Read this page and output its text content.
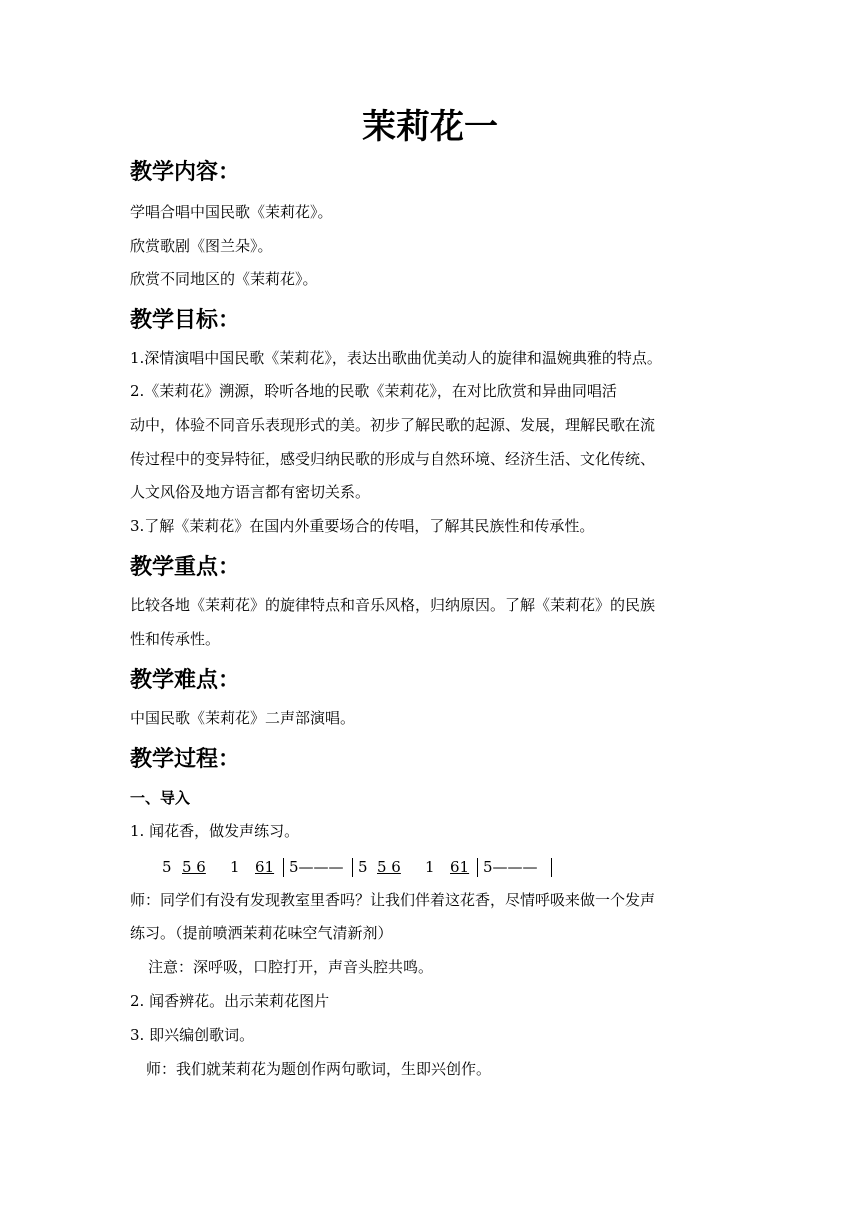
茉莉花一
教学内容：
学唱合唱中国民歌《茉莉花》。
欣赏歌剧《图兰朵》。
欣赏不同地区的《茉莉花》。
教学目标：
1.深情演唱中国民歌《茉莉花》，表达出歌曲优美动人的旋律和温婉典雅的特点。
2.《茉莉花》溯源，聆听各地的民歌《茉莉花》，在对比欣赏和异曲同唱活
动中，体验不同音乐表现形式的美。初步了解民歌的起源、发展，理解民歌在流
传过程中的变异特征，感受归纳民歌的形成与自然环境、经济生活、文化传统、
人文风俗及地方语言都有密切关系。
3.了解《茉莉花》在国内外重要场合的传唱，了解其民族性和传承性。
教学重点：
比较各地《茉莉花》的旋律特点和音乐风格，归纳原因。了解《茉莉花》的民族
性和传承性。
教学难点：
中国民歌《茉莉花》二声部演唱。
教学过程：
一、导入
1. 闻花香，做发声练习。
5 5 6 1 61 5——— 5 5 6 1 61 5———
师：同学们有没有发现教室里香吗？让我们伴着这花香，尽情呼吸来做一个发声
练习。（提前喷洒茉莉花味空气清新剂）
注意：深呼吸，口腔打开，声音头腔共鸣。
2. 闻香辨花。出示茉莉花图片
3. 即兴编创歌词。
师：我们就茉莉花为题创作两句歌词，生即兴创作。
